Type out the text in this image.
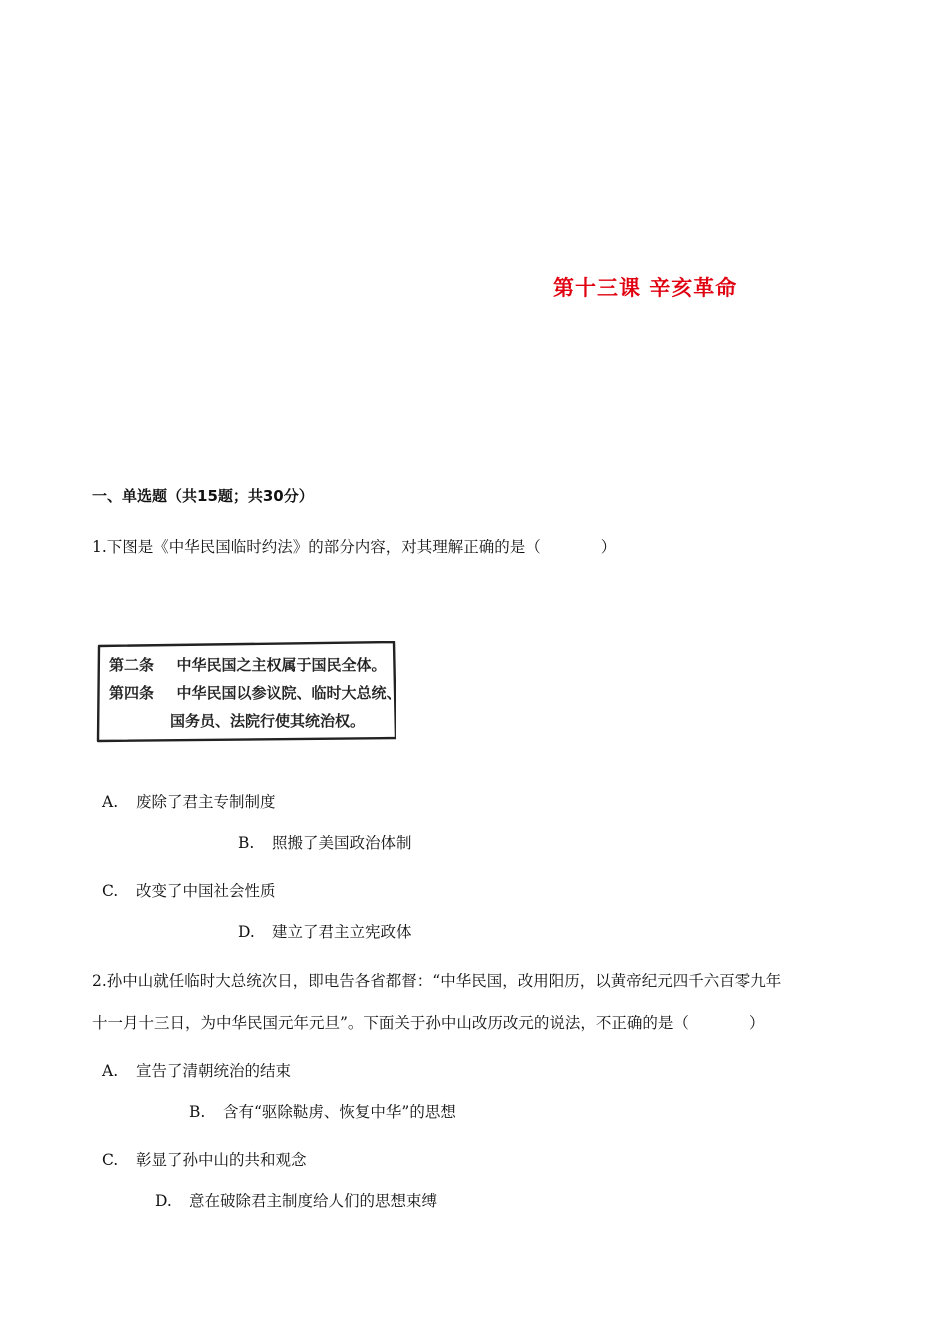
第十三课 辛亥革命
一、单选题（共15题；共30分）
1.下图是《中华民国临时约法》的部分内容，对其理解正确的是（	）
第二条 中华民国之主权属于国民全体。
第四条 中华民国以参议院、临时大总统、
国务员、法院行使其统治权。
A. 废除了君主专制制度
B. 照搬了美国政治体制
C. 改变了中国社会性质
D. 建立了君主立宪政体
2.孙中山就任临时大总统次日，即电告各省都督：“中华民国，改用阳历，以黄帝纪元四千六百零九年
十一月十三日，为中华民国元年元旦”。下面关于孙中山改历改元的说法，不正确的是（	）
A. 宣告了清朝统治的结束
B. 含有“驱除鞑虏、恢复中华”的思想
C. 彰显了孙中山的共和观念
D. 意在破除君主制度给人们的思想束缚
